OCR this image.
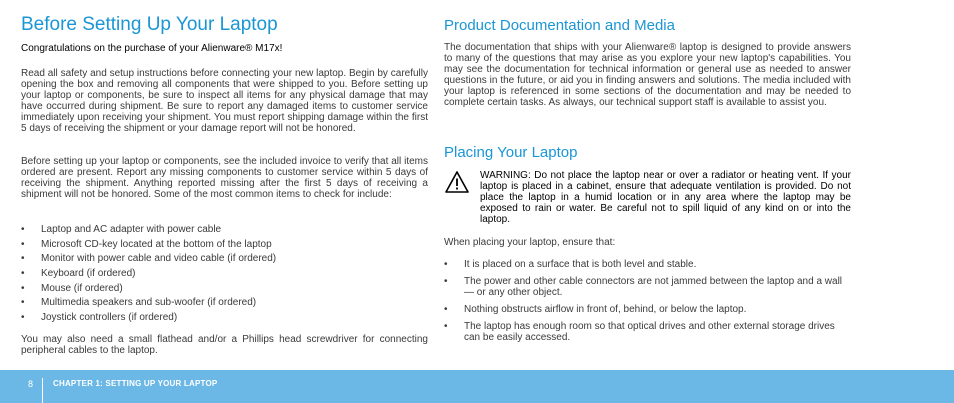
Before Setting Up Your Laptop
Congratulations on the purchase of your Alienware® M17x!

Read all safety and setup instructions before connecting your new laptop. Begin by carefully opening the box and removing all components that were shipped to you. Before setting up your laptop or components, be sure to inspect all items for any physical damage that may have occurred during shipment. Be sure to report any damaged items to customer service immediately upon receiving your shipment. You must report shipping damage within the first 5 days of receiving the shipment or your damage report will not be honored.

Before setting up your laptop or components, see the included invoice to verify that all items ordered are present. Report any missing components to customer service within 5 days of receiving the shipment. Anything reported missing after the first 5 days of receiving a shipment will not be honored. Some of the most common items to check for include:

• Laptop and AC adapter with power cable
• Microsoft CD-key located at the bottom of the laptop
• Monitor with power cable and video cable (if ordered)
• Keyboard (if ordered)
• Mouse (if ordered)
• Multimedia speakers and sub-woofer (if ordered)
• Joystick controllers (if ordered)

You may also need a small flathead and/or a Phillips head screwdriver for connecting peripheral cables to the laptop.

Product Documentation and Media

The documentation that ships with your Alienware® laptop is designed to provide answers to many of the questions that may arise as you explore your new laptop's capabilities. You may see the documentation for technical information or general use as needed to answer questions in the future, or aid you in finding answers and solutions. The media included with your laptop is referenced in some sections of the documentation and may be needed to complete certain tasks. As always, our technical support staff is available to assist you.

Placing Your Laptop
WARNING: Do not place the laptop near or over a radiator or heating vent. If your laptop is placed in a cabinet, ensure that adequate ventilation is provided. Do not place the laptop in a humid location or in any area where the laptop may be exposed to rain or water. Be careful not to spill liquid of any kind on or into the laptop.

When placing your laptop, ensure that:

• It is placed on a surface that is both level and stable.
• The power and other cable connectors are not jammed between the laptop and a wall — or any other object.
• Nothing obstructs airflow in front of, behind, or below the laptop.
• The laptop has enough room so that optical drives and other external storage drives can be easily accessed.
8 CHAPTER 1: SETTING UP YOUR LAPTOP
